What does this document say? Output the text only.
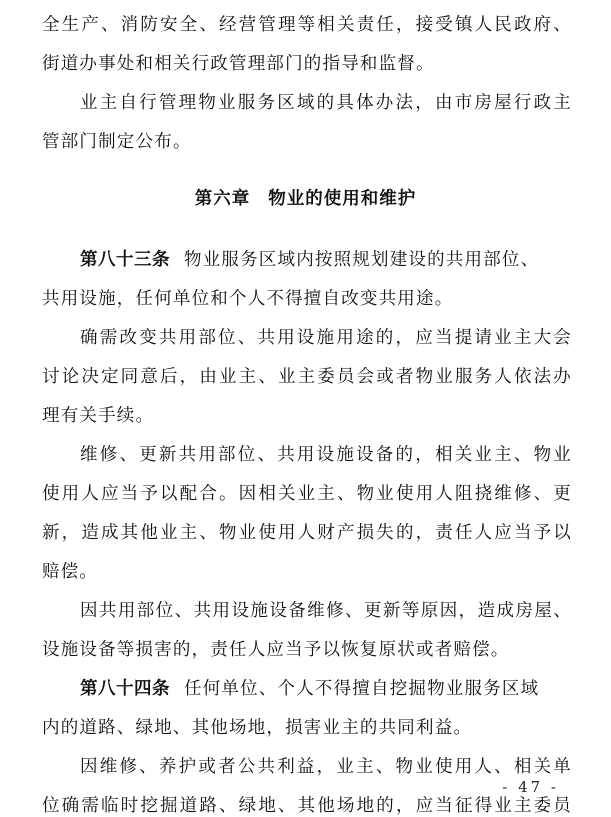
全生产、消防安全、经营管理等相关责任，接受镇人民政府、
街道办事处和相关行政管理部门的指导和监督。
业主自行管理物业服务区域的具体办法，由市房屋行政主
管部门制定公布。
第六章 物业的使用和维护
第八十三条 物业服务区域内按照规划建设的共用部位、
共用设施，任何单位和个人不得擅自改变共用途。
确需改变共用部位、共用设施用途的，应当提请业主大会
讨论决定同意后，由业主、业主委员会或者物业服务人依法办
理有关手续。
维修、更新共用部位、共用设施设备的，相关业主、物业
使用人应当予以配合。因相关业主、物业使用人阻挠维修、更
新，造成其他业主、物业使用人财产损失的，责任人应当予以
赔偿。
因共用部位、共用设施设备维修、更新等原因，造成房屋、
设施设备等损害的，责任人应当予以恢复原状或者赔偿。
第八十四条 任何单位、个人不得擅自挖掘物业服务区域
内的道路、绿地、其他场地，损害业主的共同利益。
因维修、养护或者公共利益，业主、物业使用人、相关单
位确需临时挖掘道路、绿地、其他场地的，应当征得业主委员
- 47 -
